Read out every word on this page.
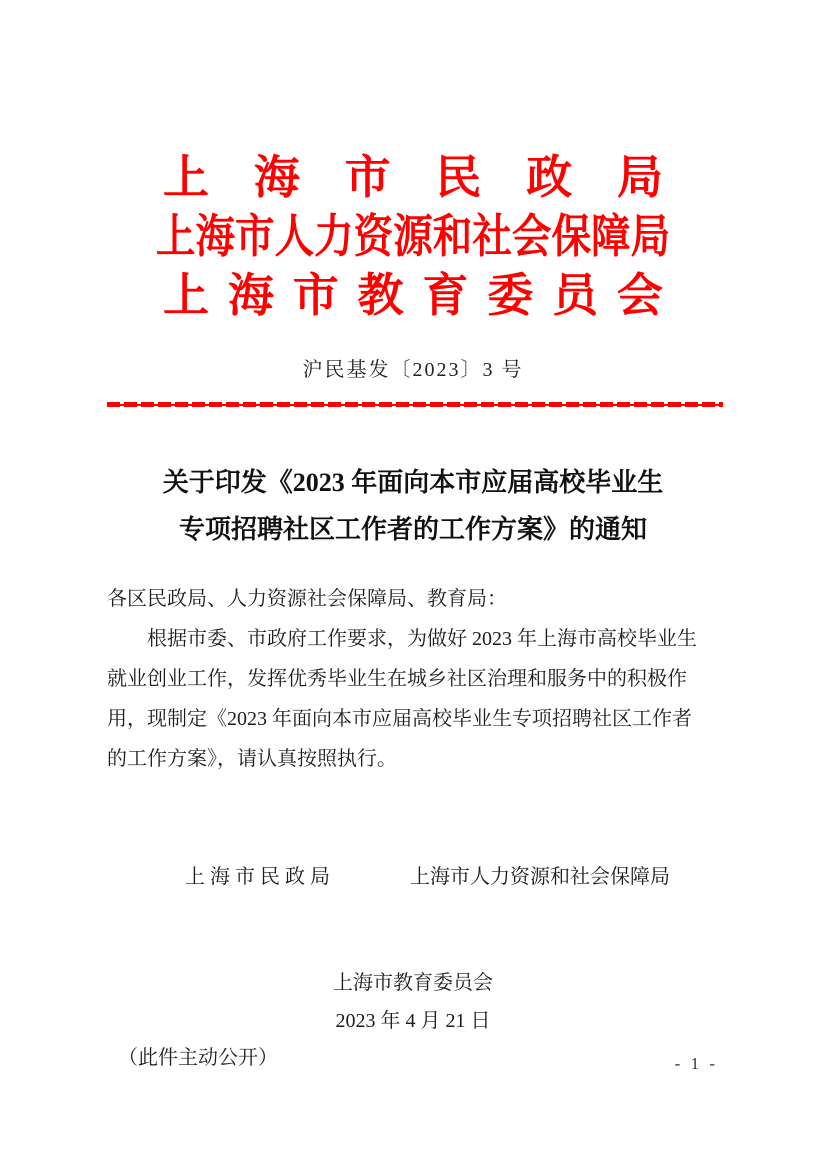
上 海 市 民 政 局
上海市人力资源和社会保障局
上 海 市 教 育 委 员 会
沪民基发〔2023〕3 号
关于印发《2023 年面向本市应届高校毕业生
专项招聘社区工作者的工作方案》的通知
各区民政局、人力资源社会保障局、教育局：
根据市委、市政府工作要求，为做好 2023 年上海市高校毕业生
就业创业工作，发挥优秀毕业生在城乡社区治理和服务中的积极作
用，现制定《2023 年面向本市应届高校毕业生专项招聘社区工作者
的工作方案》，请认真按照执行。
上 海 市 民 政 局	上海市人力资源和社会保障局
上海市教育委员会
2023 年 4 月 21 日
（此件主动公开）	- 1 -
